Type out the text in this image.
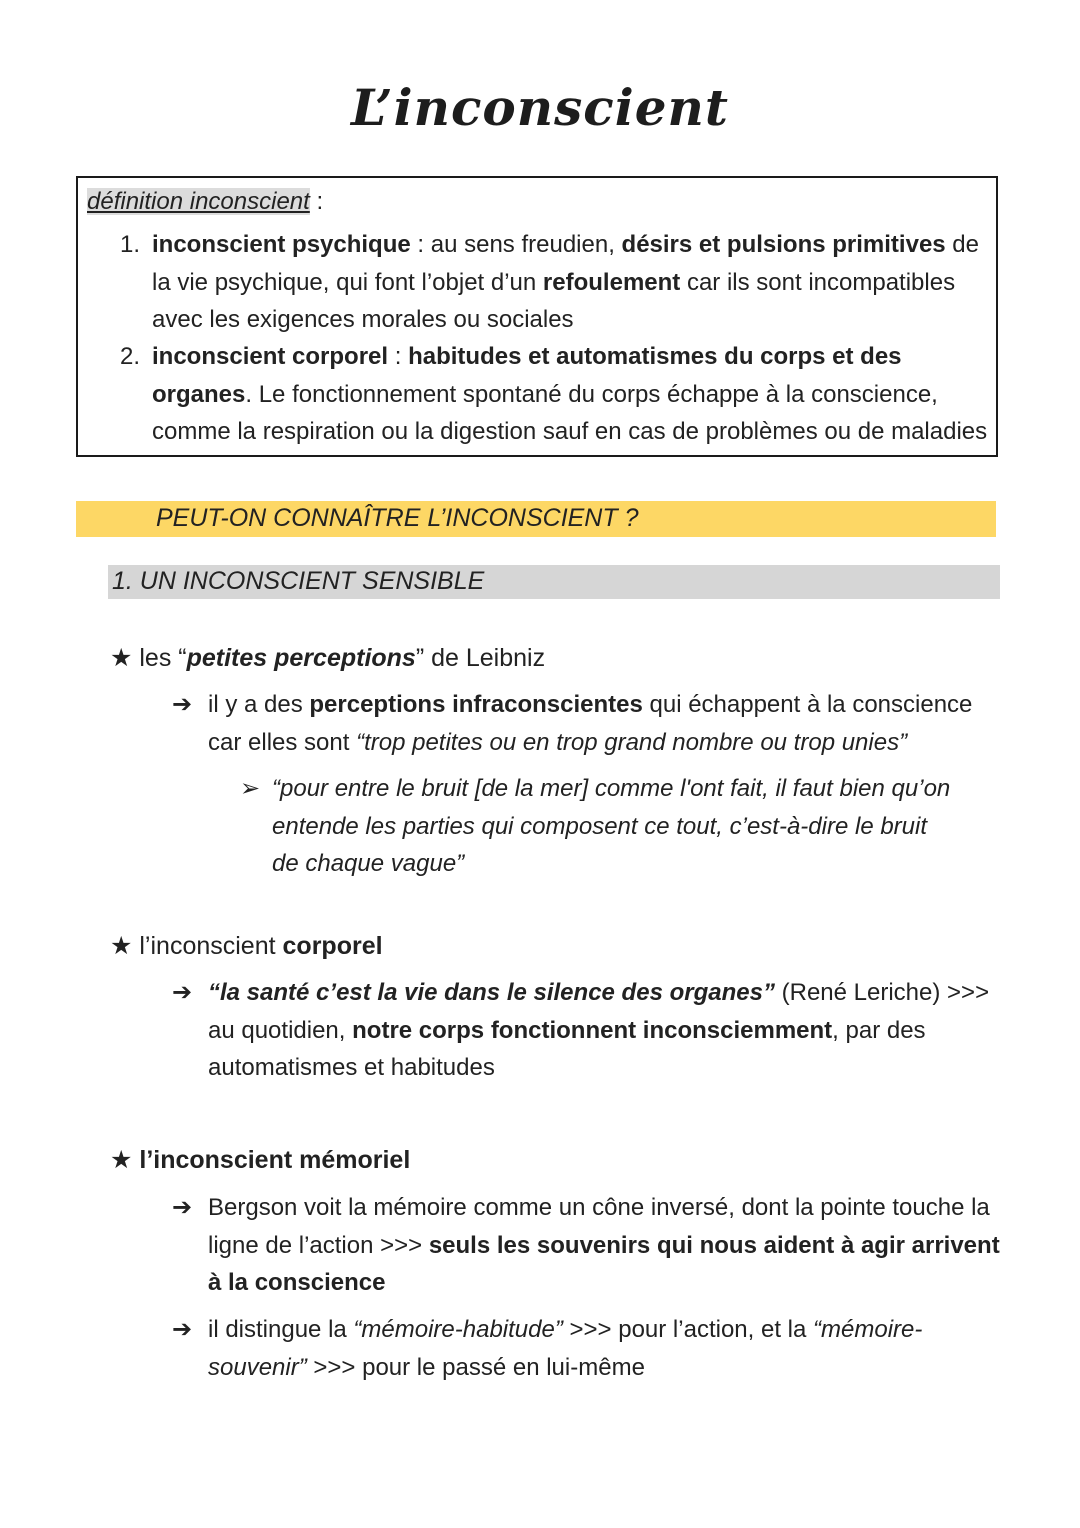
L’inconscient
définition inconscient :
1. inconscient psychique : au sens freudien, désirs et pulsions primitives de la vie psychique, qui font l’objet d’un refoulement car ils sont incompatibles avec les exigences morales ou sociales
2. inconscient corporel : habitudes et automatismes du corps et des organes. Le fonctionnement spontané du corps échappe à la conscience, comme la respiration ou la digestion sauf en cas de problèmes ou de maladies
PEUT-ON CONNAÎTRE L’INCONSCIENT ?
1. UN INCONSCIENT SENSIBLE
★ les “petites perceptions” de Leibniz
➔ il y a des perceptions infraconscientes qui échappent à la conscience car elles sont “trop petites ou en trop grand nombre ou trop unies”
➢ “pour entre le bruit [de la mer] comme l'ont fait, il faut bien qu’on entende les parties qui composent ce tout, c’est-à-dire le bruit de chaque vague”
★ l’inconscient corporel
➔ “la santé c’est la vie dans le silence des organes” (René Leriche) >>> au quotidien, notre corps fonctionnent inconsciemment, par des automatismes et habitudes
★ l’inconscient mémoriel
➔ Bergson voit la mémoire comme un cône inversé, dont la pointe touche la ligne de l’action >>> seuls les souvenirs qui nous aident à agir arrivent à la conscience
➔ il distingue la “mémoire-habitude” >>> pour l’action, et la “mémoire-souvenir” >>> pour le passé en lui-même
